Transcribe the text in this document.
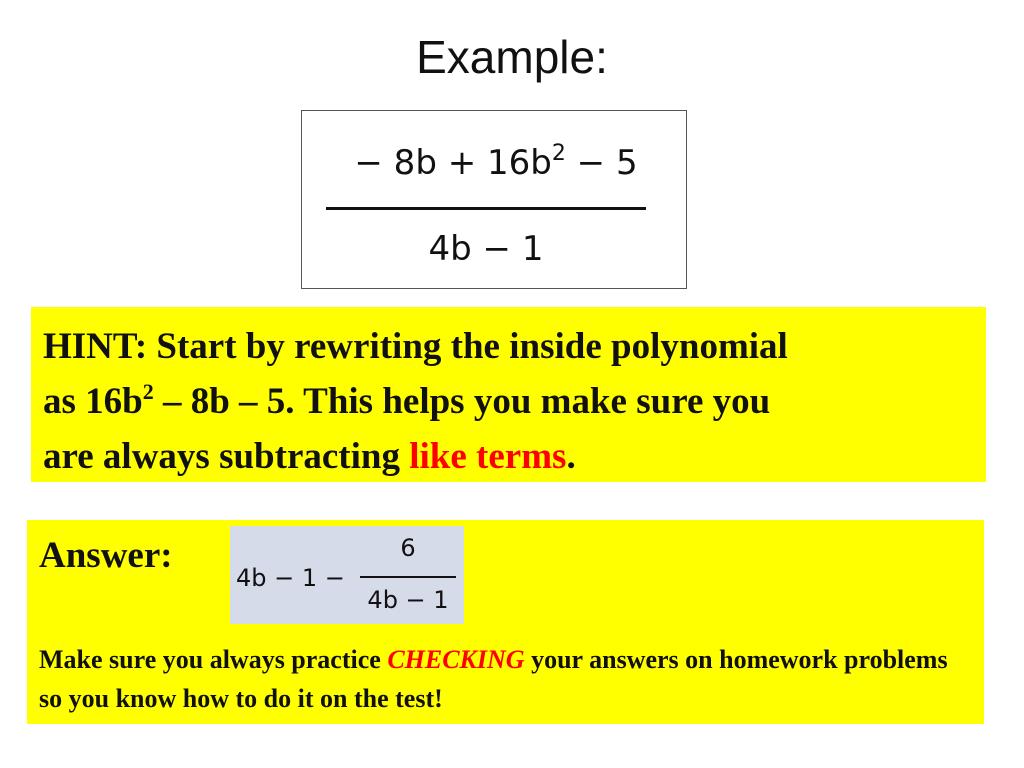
Example:
− $8b + 16b^2 - 5$
4b − 1
HINT: Start by rewriting the inside polynomial
as $16b^2 - 8b - 5$. This helps you make sure you
are always subtracting like terms.
Answer:
4b − 1 −
6
4b − 1
Make sure you always practice CHECKING your answers on homework problems so you know how to do it on the test!
